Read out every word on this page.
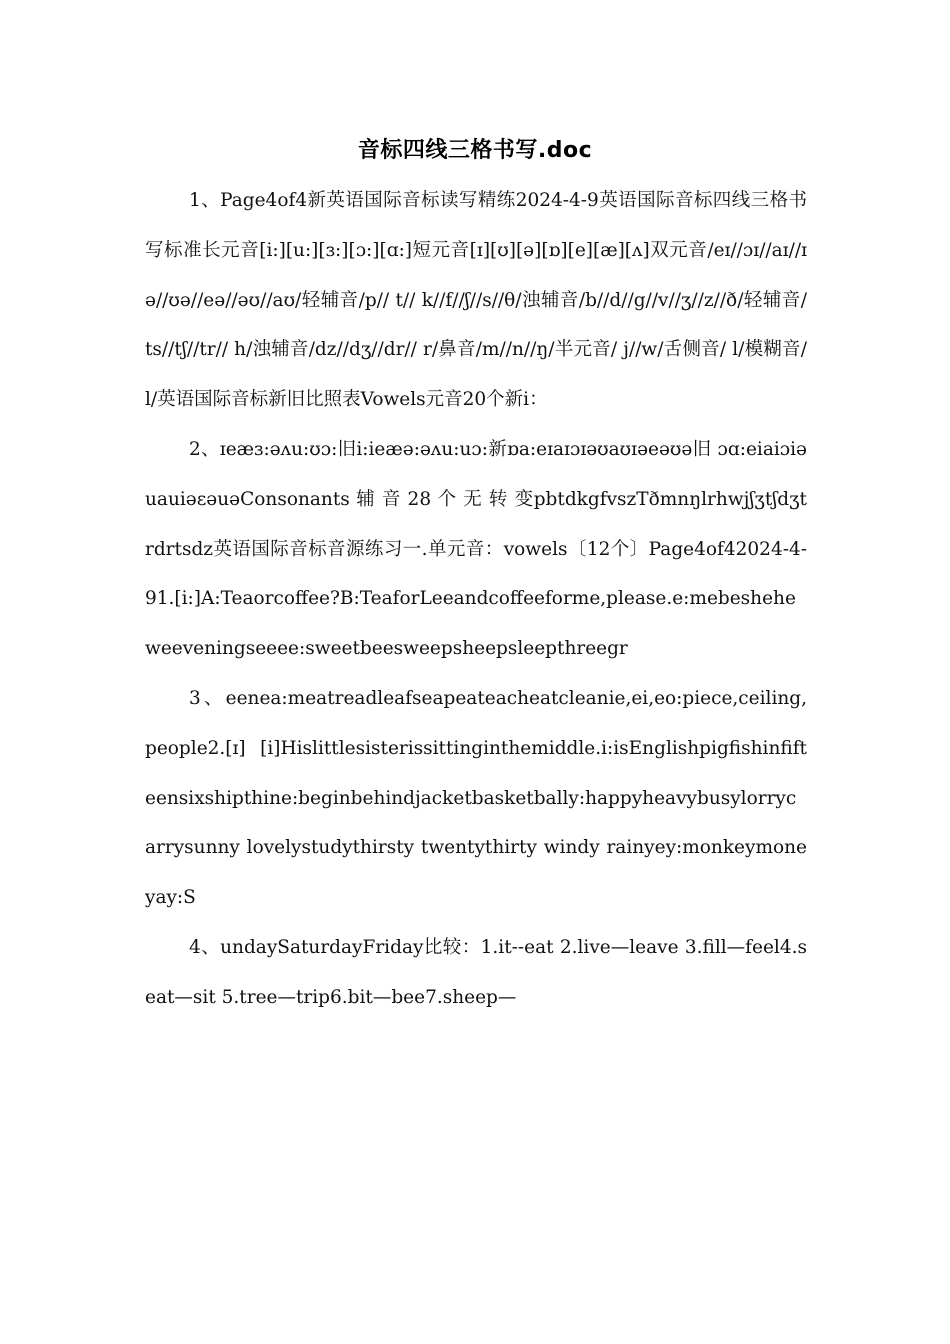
音标四线三格书写.doc

1、Page4of4新英语国际音标读写精练2024-4-9英语国际音标四线三格书写标准长元音[i:][u:][ɜ:][ɔ:][ɑ:]短元音[ɪ][ʊ][ə][ɒ][e][æ][ʌ]双元音/eɪ//ɔɪ//aɪ//ɪə//ʊə//eə//əʊ//aʊ/轻辅音/p// t// k//f//ʃ//s//θ/浊辅音/b//d//g//v//ʒ//z//ð/轻辅音/ts//tʃ//tr// h/浊辅音/dz//dʒ//dr// r/鼻音/m//n//ŋ/半元音/ j//w/舌侧音/ l/模糊音/ l/英语国际音标新旧比照表Vowels元音20个新i：

2、ɪeæɜ:əʌu:ʊɔ:旧i:ieæə:əʌu:uɔ:新ɒa:eɪaɪɔɪəʊaʊɪəeəʊə旧 ɔɑ:eiaiɔiəuauiəεəuəConsonants 辅 音 28 个 无 转 变pbtdkgfvszTðmnŋlrhwjʃʒtʃdʒtrdrtsdz英语国际音标音源练习一.单元音：vowels〔12个〕Page4of42024-4-91.[i:]A:Teaorcoffee?B:TeaforLeeandcoffeeforme,please.e:mebesheheweeveningseeee:sweetbeesweepsheepsleepthreegr

3、eenea:meatreadleafseapeateacheatcleanie,ei,eo:piece,ceiling,people2.[ɪ] [i]Hislittlesisterissittinginthemiddle.i:isEnglishpigfishinfifteensixshipthine:beginbehindjacketbasketbally:happyheavybusylorrycarrysunny lovelystudythirsty twentythirty windy rainyey:monkeymoneyay:S

4、undaySaturdayFriday比较：1.it--eat 2.live—leave 3.fill—feel4.seat—sit 5.tree—trip6.bit—bee7.sheep—
